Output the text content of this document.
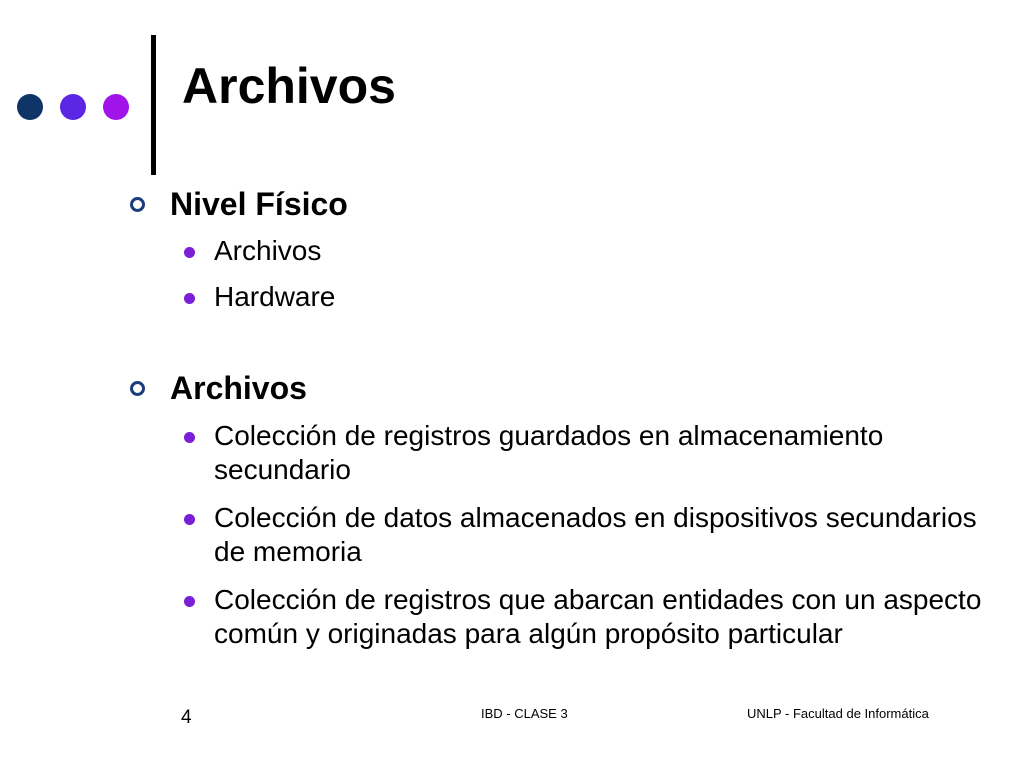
Archivos
Nivel Físico
Archivos
Hardware
Archivos
Colección de registros guardados en almacenamiento secundario
Colección de datos almacenados en dispositivos secundarios de memoria
Colección de registros que abarcan entidades con un aspecto común y originadas para algún propósito particular
4	IBD - CLASE 3	UNLP - Facultad de Informática
